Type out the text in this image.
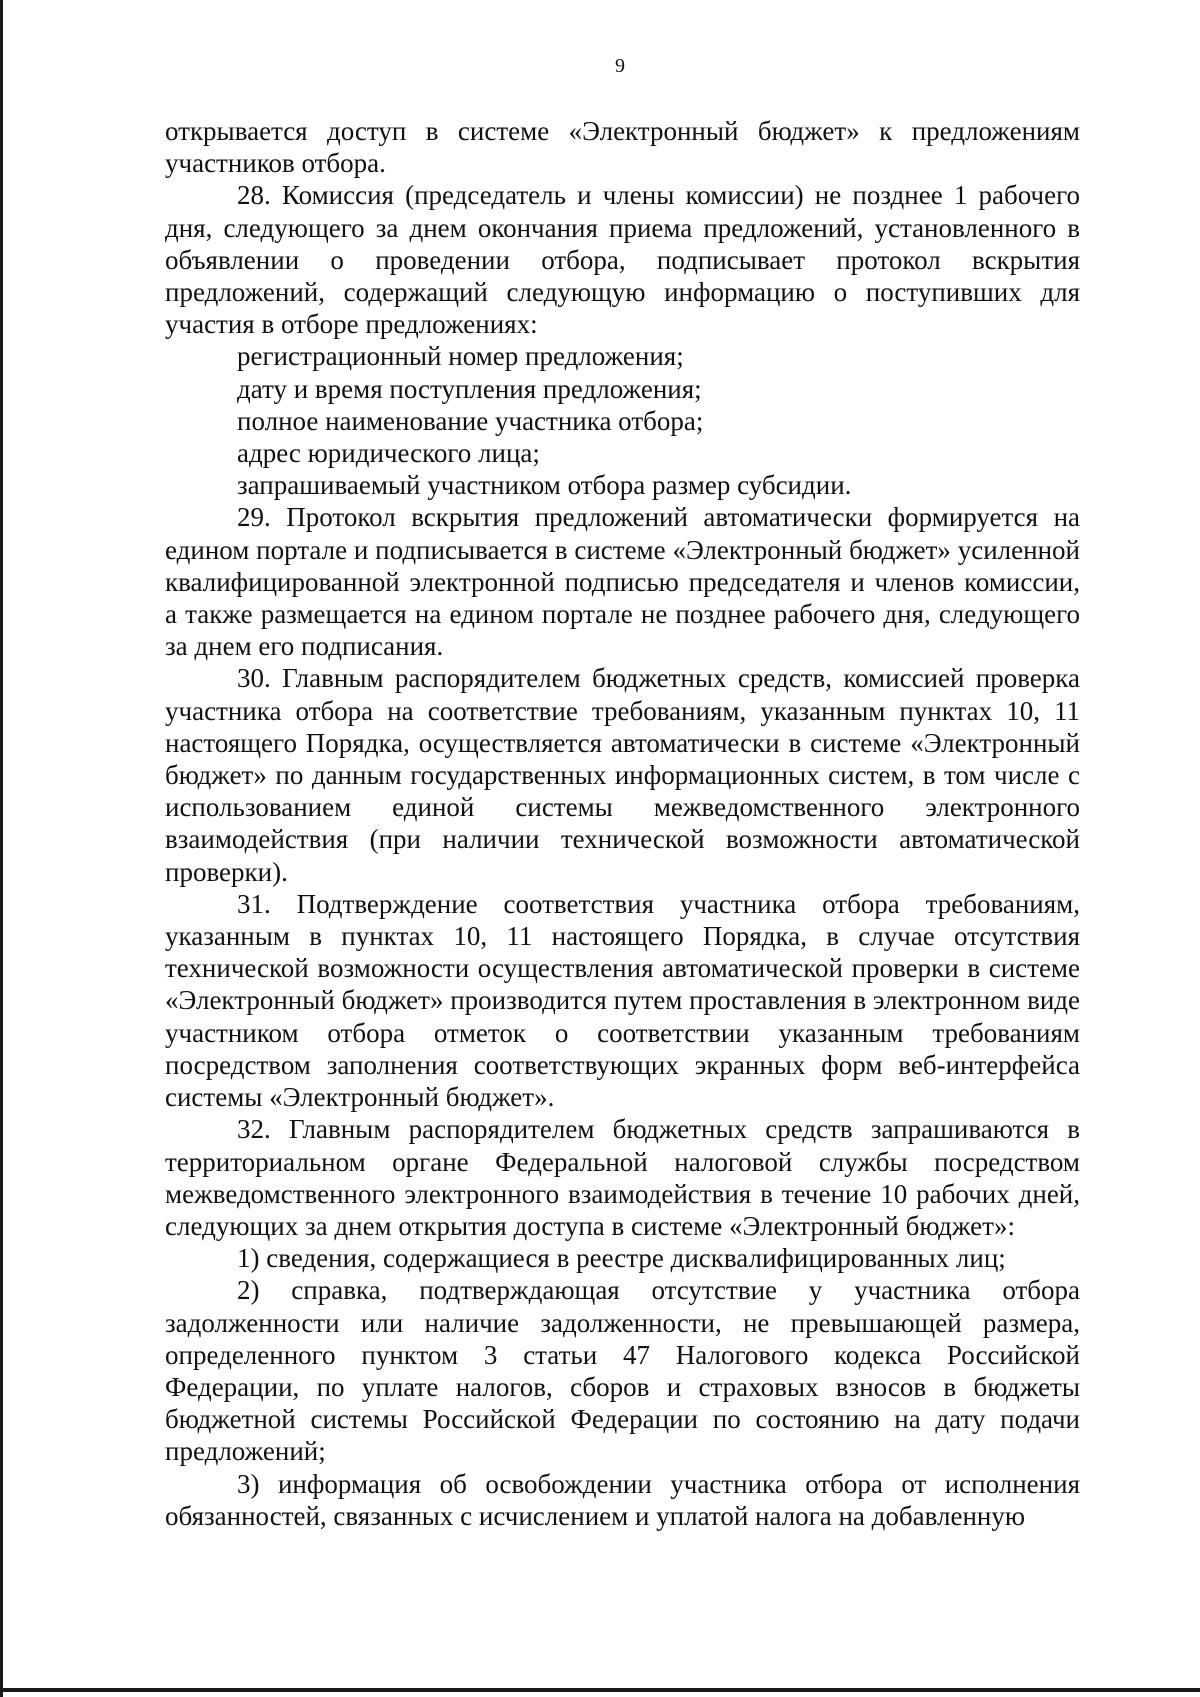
9

открывается доступ в системе «Электронный бюджет» к предложениям участников отбора.

28. Комиссия (председатель и члены комиссии) не позднее 1 рабочего дня, следующего за днем окончания приема предложений, установленного в объявлении о проведении отбора, подписывает протокол вскрытия предложений, содержащий следующую информацию о поступивших для участия в отборе предложениях:

регистрационный номер предложения;

дату и время поступления предложения;

полное наименование участника отбора;

адрес юридического лица;

запрашиваемый участником отбора размер субсидии.

29. Протокол вскрытия предложений автоматически формируется на едином портале и подписывается в системе «Электронный бюджет» усиленной квалифицированной электронной подписью председателя и членов комиссии, а также размещается на едином портале не позднее рабочего дня, следующего за днем его подписания.

30. Главным распорядителем бюджетных средств, комиссией проверка участника отбора на соответствие требованиям, указанным пунктах 10, 11 настоящего Порядка, осуществляется автоматически в системе «Электронный бюджет» по данным государственных информационных систем, в том числе с использованием единой системы межведомственного электронного взаимодействия (при наличии технической возможности автоматической проверки).

31. Подтверждение соответствия участника отбора требованиям, указанным в пунктах 10, 11 настоящего Порядка, в случае отсутствия технической возможности осуществления автоматической проверки в системе «Электронный бюджет» производится путем проставления в электронном виде участником отбора отметок о соответствии указанным требованиям посредством заполнения соответствующих экранных форм веб-интерфейса системы «Электронный бюджет».

32. Главным распорядителем бюджетных средств запрашиваются в территориальном органе Федеральной налоговой службы посредством межведомственного электронного взаимодействия в течение 10 рабочих дней, следующих за днем открытия доступа в системе «Электронный бюджет»:

1) сведения, содержащиеся в реестре дисквалифицированных лиц;

2) справка, подтверждающая отсутствие у участника отбора задолженности или наличие задолженности, не превышающей размера, определенного пунктом 3 статьи 47 Налогового кодекса Российской Федерации, по уплате налогов, сборов и страховых взносов в бюджеты бюджетной системы Российской Федерации по состоянию на дату подачи предложений;

3) информация об освобождении участника отбора от исполнения обязанностей, связанных с исчислением и уплатой налога на добавленную
